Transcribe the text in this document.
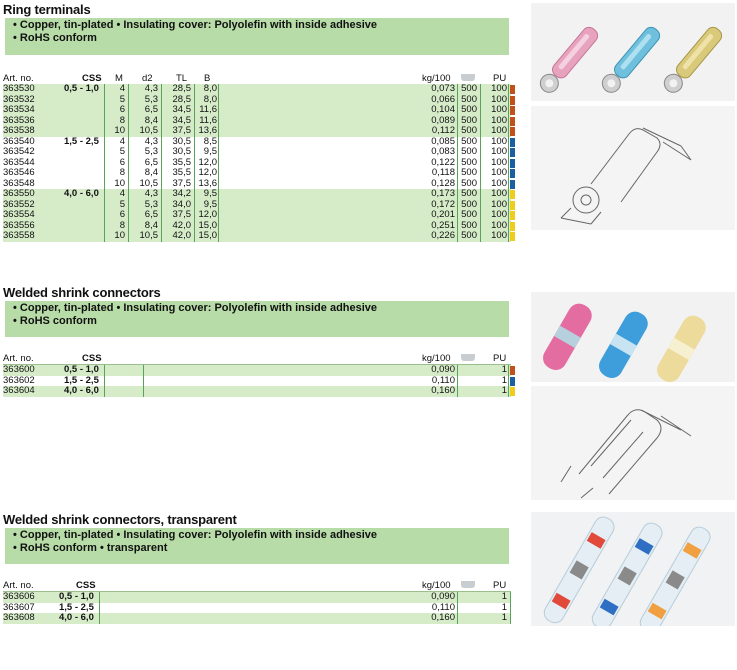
Ring terminals
• Copper, tin-plated • Insulating cover: Polyolefin with inside adhesive
• RoHS conform
Art. no.	CSS M d2 TL B	kg/100	PU
363530	0,5 - 1,0	4	4,3	28,5	8,0	0,073 500	100
363532	5	5,3	28,5	8,0	0,066 500	100
363534	6	6,5	34,5 11,6	0,104 500	100
363536	8	8,4	34,5 11,6	0,089 500	100
363538	10	10,5	37,5 13,6	0,112 500	100
363540	1,5 - 2,5	4	4,3	30,5	8,5	0,085 500	100
363542	5	5,3	30,5	9,5	0,083 500	100
363544	6	6,5	35,5 12,0	0,122 500	100
363546	8	8,4	35,5 12,0	0,118 500	100
363548	10	10,5	37,5 13,6	0,128 500	100
363550	4,0 - 6,0	4	4,3	34,2	9,5	0,173 500	100
363552	5	5,3	34,0	9,5	0,172 500	100
363554	6	6,5	37,5 12,0	0,201 500	100
363556	8	8,4	42,0 15,0	0,251 500	100
363558	10	10,5	42,0 15,0	0,226 500	100
Welded shrink connectors
• Copper, tin-plated • Insulating cover: Polyolefin with inside adhesive
• RoHS conform
Art. no.	CSS	kg/100	PU
363600	0,5 - 1,0	0,090	1
363602	1,5 - 2,5	0,110	1
363604	4,0 - 6,0	0,160	1
Welded shrink connectors, transparent
• Copper, tin-plated • Insulating cover: Polyolefin with inside adhesive
• RoHS conform • transparent
Art. no.	CSS	kg/100	PU
363606	0,5 - 1,0	0,090	1
363607	1,5 - 2,5	0,110	1
363608	4,0 - 6,0	0,160	1
